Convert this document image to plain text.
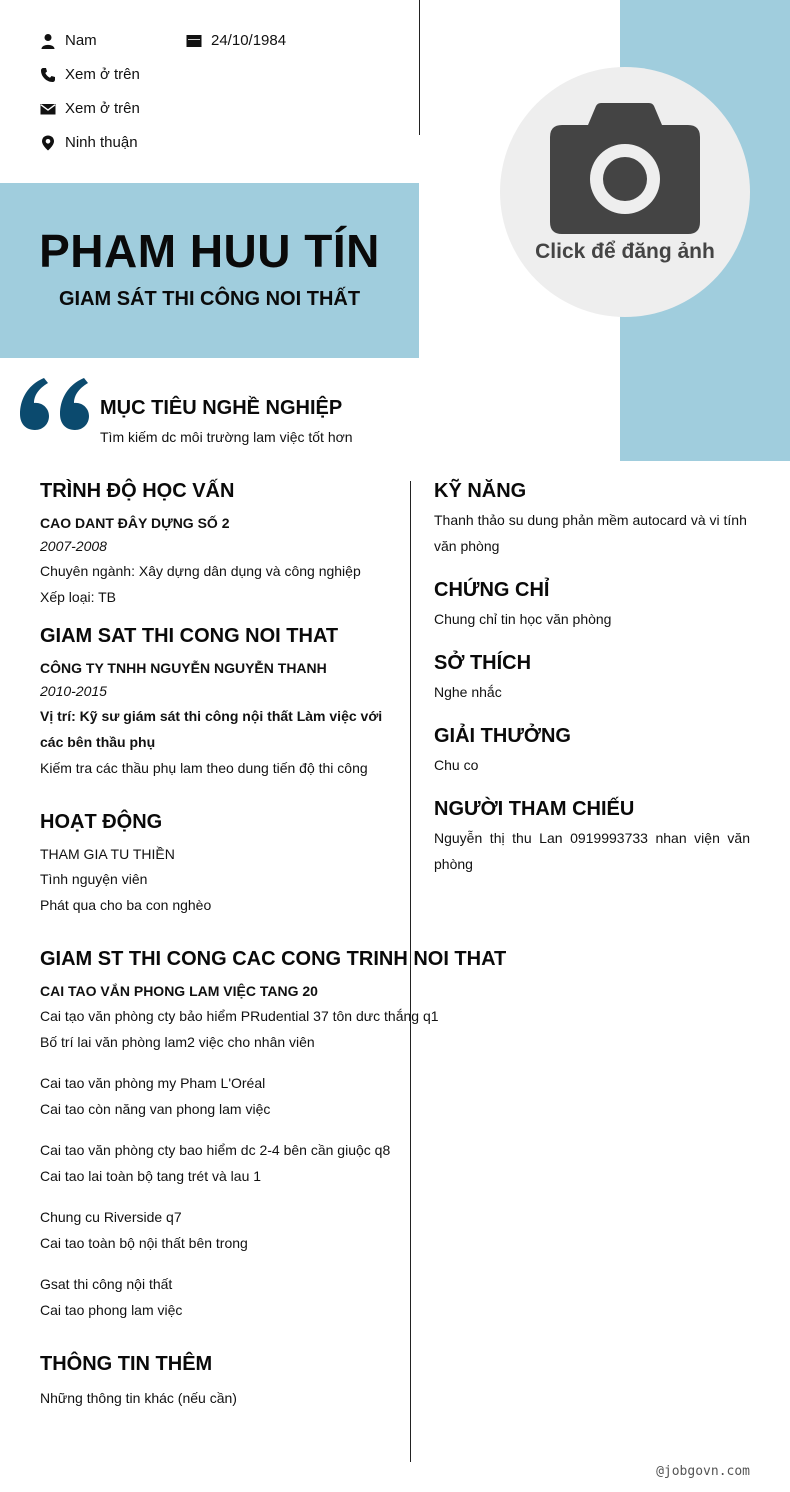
Nam	24/10/1984
Xem ở trên
Xem ở trên
Ninh thuận
PHAM HUU TÍN
GIAM SÁT THI CÔNG NOI THẤT
Click để đăng ảnh
MỤC TIÊU NGHỀ NGHIỆP
Tìm kiếm dc môi trường lam việc tốt hơn
TRÌNH ĐỘ HỌC VẤN
CAO DANT ĐÂY DỰNG SỐ 2
2007-2008
Chuyên ngành: Xây dựng dân dụng và công nghiệp
Xếp loại: TB
GIAM SAT THI CONG NOI THAT
CÔNG TY TNHH NGUYỄN NGUYỄN THANH
2010-2015
Vị trí: Kỹ sư giám sát thi công nội thất Làm việc với các bên thầu phụ
Kiếm tra các thầu phụ lam theo dung tiến độ thi công
HOẠT ĐỘNG
THAM GIA TU THIỀN
Tình nguyện viên
Phát qua cho ba con nghèo
GIAM ST THI CONG CAC CONG TRINH NOI THAT
CAI TAO VẮN PHONG LAM VIỆC TANG 20
Cai tạo văn phòng cty bảo hiểm PRudential 37 tôn dưc thắng q1
Bố trí lai văn phòng lam2 việc cho nhân viên
Cai tao văn phòng my Pham L'Oréal
Cai tao còn năng van phong lam việc
Cai tao văn phòng cty bao hiểm dc 2-4 bên cần giuộc q8
Cai tao lai toàn bộ tang trét và lau 1
Chung cu Riverside q7
Cai tao toàn bộ nội thất bên trong
Gsat thi công nội thất
Cai tao phong lam việc
THÔNG TIN THÊM
Những thông tin khác (nếu cần)
KỸ NĂNG
Thanh thảo su dung phản mềm autocard và vi tính văn phòng
CHỨNG CHỈ
Chung chỉ tin học văn phòng
SỞ THÍCH
Nghe nhắc
GIẢI THƯỞNG
Chu co
NGƯỜI THAM CHIẾU
Nguyễn thị thu Lan 0919993733 nhan viện văn phòng
@jobgovn.com
